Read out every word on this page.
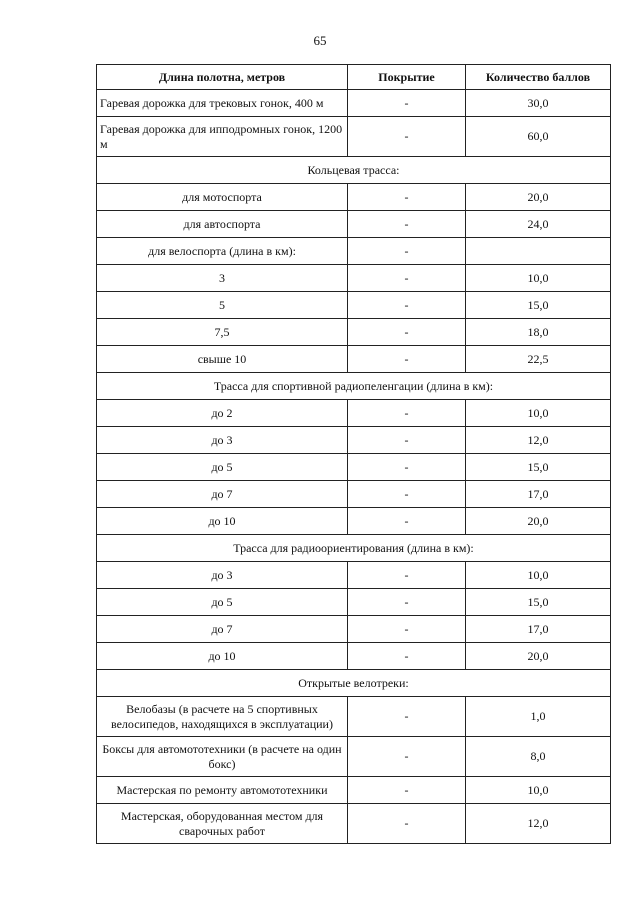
65
Длина полотна, метров	Покрытие	Количество баллов
Гаревая дорожка для трековых гонок, 400 м	-	30,0
Гаревая дорожка для ипподромных гонок, 1200 м	-	60,0
Кольцевая трасса:		
для мотоспорта	-	20,0
для автоспорта	-	24,0
для велоспорта (длина в км):	-	
3	-	10,0
5	-	15,0
7,5	-	18,0
свыше 10	-	22,5
Трасса для спортивной радиопеленгации (длина в км):		
до 2	-	10,0
до 3	-	12,0
до 5	-	15,0
до 7	-	17,0
до 10	-	20,0
Трасса для радиоориентирования (длина в км):		
до 3	-	10,0
до 5	-	15,0
до 7	-	17,0
до 10	-	20,0
Открытые велотреки:		
Велобазы (в расчете на 5 спортивных велосипедов, находящихся в эксплуатации)	-	1,0
Боксы для автомототехники (в расчете на один бокс)	-	8,0
Мастерская по ремонту автомототехники	-	10,0
Мастерская, оборудованная местом для сварочных работ	-	12,0
